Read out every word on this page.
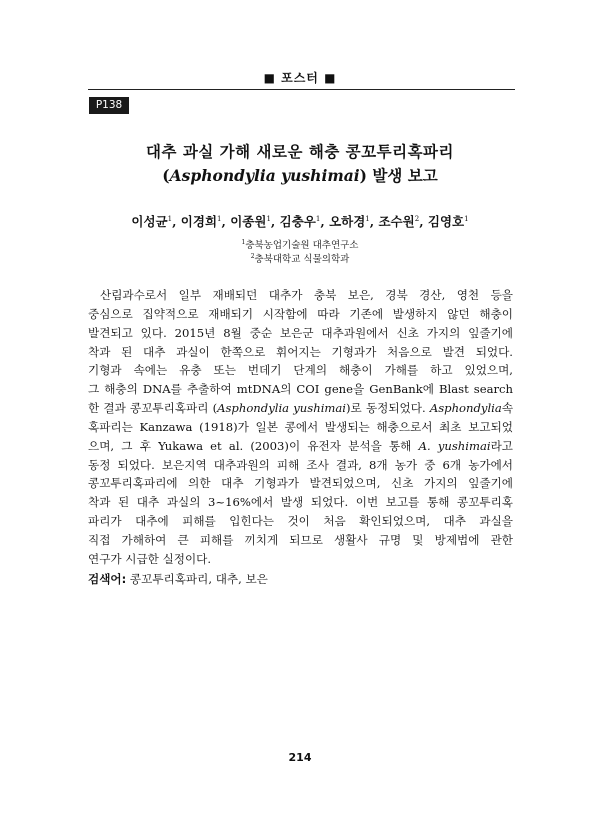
■ 포스터 ■
P138
대추 과실 가해 새로운 해충 콩꼬투리혹파리
(Asphondylia yushimai) 발생 보고
이성균$^1$, 이경희$^1$, 이종원$^1$, 김충우$^1$, 오하경$^1$, 조수원$^2$, 김영호$^1$
$^1$충북농업기술원 대추연구소
$^2$충북대학교 식물의학과
산림과수로서 일부 재배되던 대추가 충북 보은, 경북 경산, 영천 등을
중심으로 집약적으로 재배되기 시작함에 따라 기존에 발생하지 않던 해충이
발견되고 있다. 2015년 8월 중순 보은군 대추과원에서 신초 가지의 잎줄기에
착과 된 대추 과실이 한쪽으로 휘어지는 기형과가 처음으로 발견 되었다.
기형과 속에는 유충 또는 번데기 단계의 해충이 가해를 하고 있었으며,
그 해충의 DNA를 추출하여 mtDNA의 COI gene을 GenBank에 Blast search
한 결과 콩꼬투리혹파리 (Asphondylia yushimai)로 동정되었다. Asphondylia속
혹파리는 Kanzawa (1918)가 일본 콩에서 발생되는 해충으로서 최초 보고되었
으며, 그 후 Yukawa et al. (2003)이 유전자 분석을 통해 A. yushimai라고
동정 되었다. 보은지역 대추과원의 피해 조사 결과, 8개 농가 중 6개 농가에서
콩꼬투리혹파리에 의한 대추 기형과가 발견되었으며, 신초 가지의 잎줄기에
착과 된 대추 과실의 3~16%에서 발생 되었다. 이번 보고를 통해 콩꼬투리혹
파리가 대추에 피해를 입힌다는 것이 처음 확인되었으며, 대추 과실을
직접 가해하여 큰 피해를 끼치게 되므로 생활사 규명 및 방제법에 관한
연구가 시급한 실정이다.
검색어: 콩꼬투리혹파리, 대추, 보은
214
